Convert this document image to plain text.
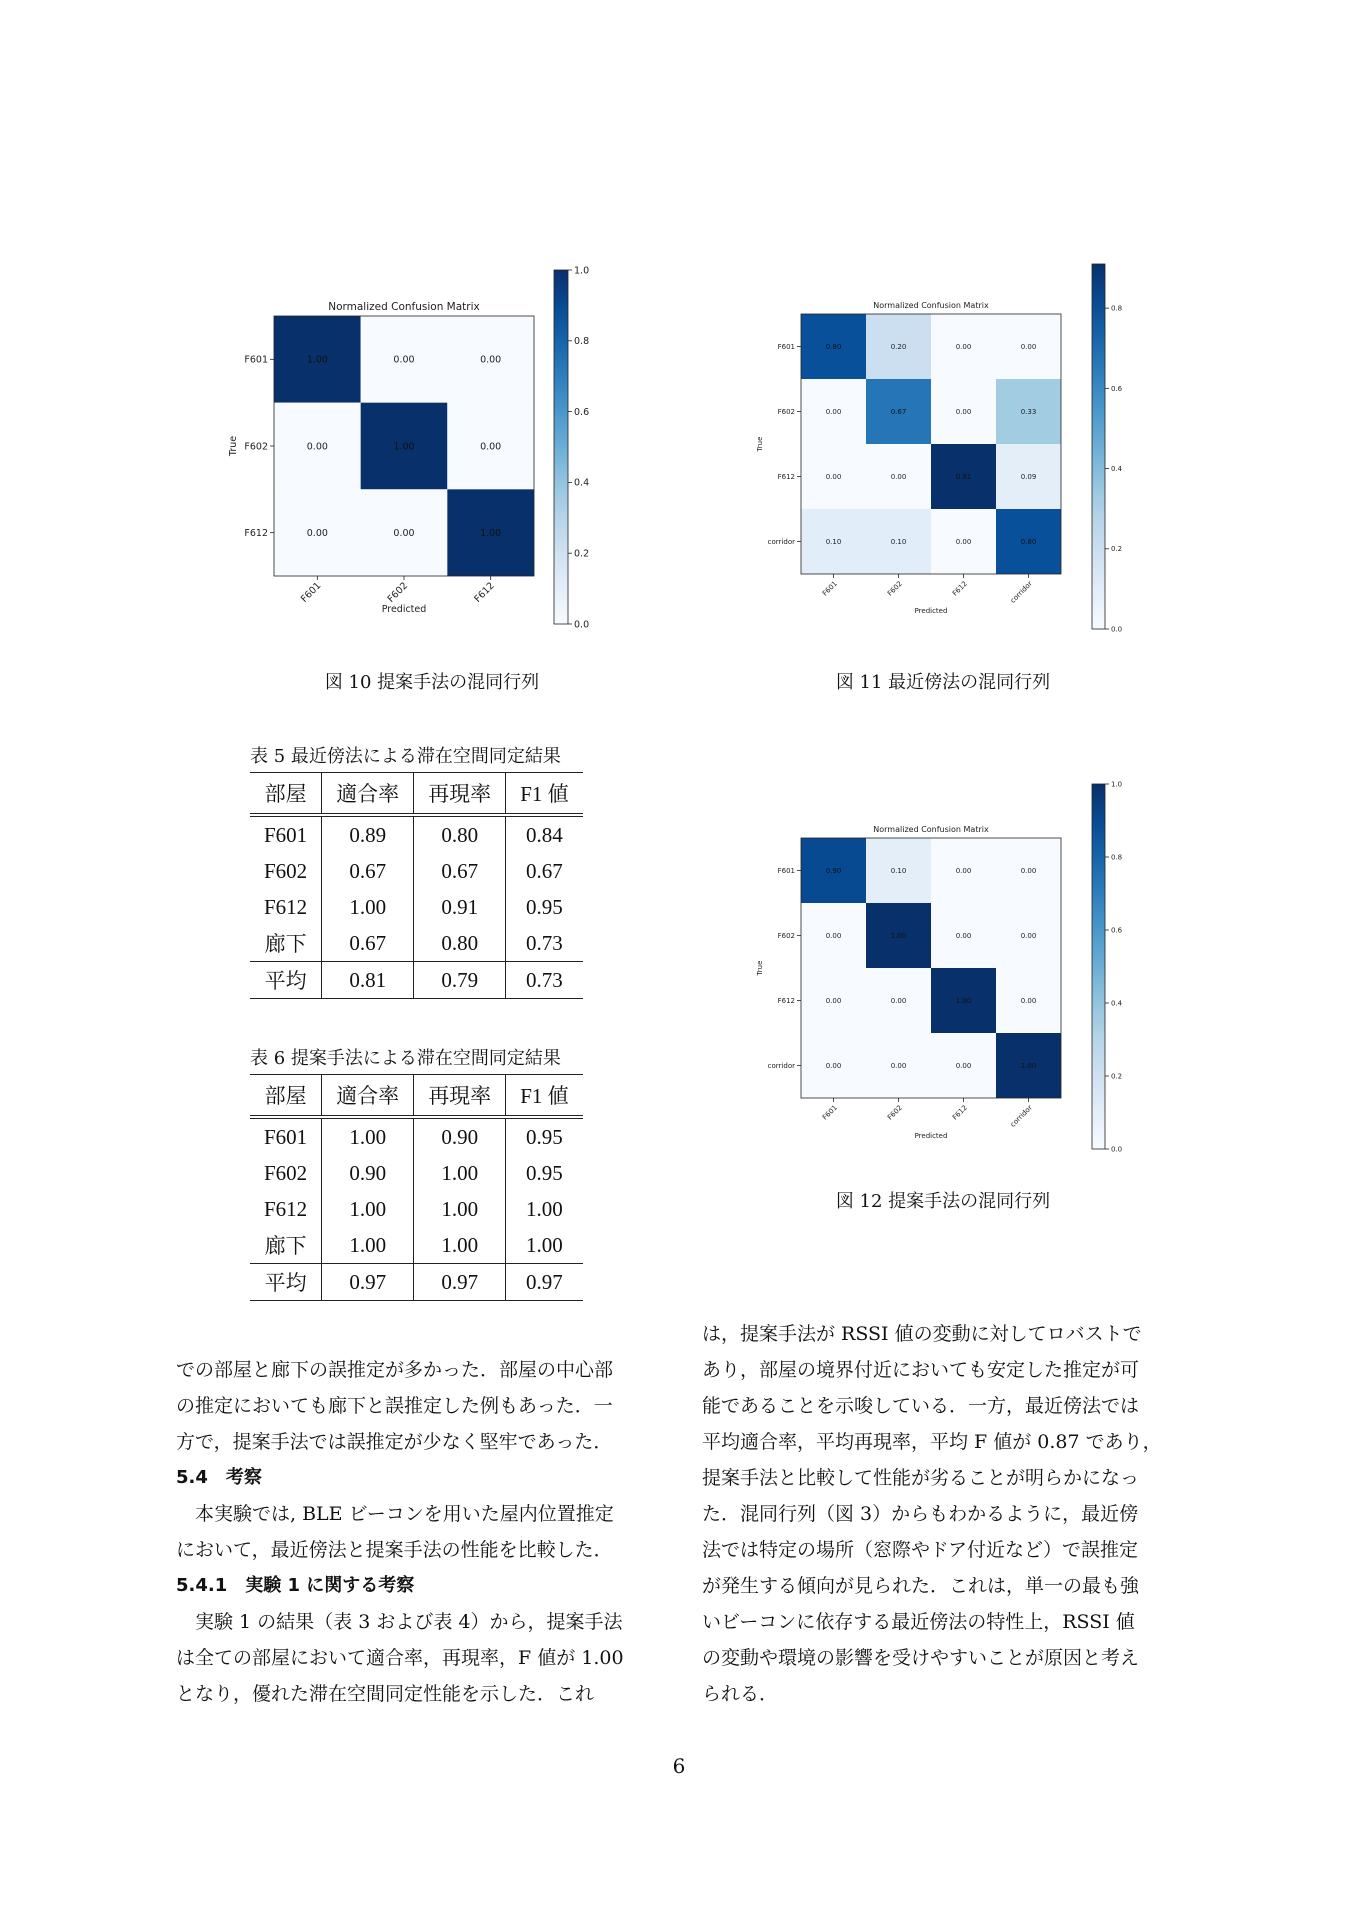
Normalized Confusion Matrix
1.00	0.00	0.00
0.00	1.00	0.00
0.00	0.00	1.00
F601
F602
F612
F601	F602	F612
Predicted
True
0.0
0.2
0.4
0.6
0.8
1.0
図 10 提案手法の混同行列
Normalized Confusion Matrix
0.80	0.20	0.00	0.00
0.00	0.67	0.00	0.33
0.00	0.00	0.91	0.09
0.10	0.10	0.00	0.80
F601
F602
F612
corridor
F601	F602	F612	corridor
Predicted
True
0.0
0.2
0.4
0.6
0.8
図 11 最近傍法の混同行列
表 5 最近傍法による滞在空間同定結果
部屋	適合率	再現率	F1 値
F601	0.89	0.80	0.84
F602	0.67	0.67	0.67
F612	1.00	0.91	0.95
廊下	0.67	0.80	0.73
平均	0.81	0.79	0.73
表 6 提案手法による滞在空間同定結果
部屋	適合率	再現率	F1 値
F601	1.00	0.90	0.95
F602	0.90	1.00	0.95
F612	1.00	1.00	1.00
廊下	1.00	1.00	1.00
平均	0.97	0.97	0.97
Normalized Confusion Matrix
0.90	0.10	0.00	0.00
0.00	1.00	0.00	0.00
0.00	0.00	1.00	0.00
0.00	0.00	0.00	1.00
F601
F602
F612
corridor
F601	F602	F612	corridor
Predicted
True
0.0
0.2
0.4
0.6
0.8
1.0
図 12 提案手法の混同行列

での部屋と廊下の誤推定が多かった．部屋の中心部

の推定においても廊下と誤推定した例もあった．一

方で，提案手法では誤推定が少なく堅牢であった．

5.4　考察

本実験では, BLE ビーコンを用いた屋内位置推定

において，最近傍法と提案手法の性能を比較した．

5.4.1　実験 1 に関する考察

実験 1 の結果（表 3 および表 4）から，提案手法

は全ての部屋において適合率，再現率，F 値が 1.00

となり，優れた滞在空間同定性能を示した．これ

は，提案手法が RSSI 値の変動に対してロバストで

あり，部屋の境界付近においても安定した推定が可

能であることを示唆している．一方，最近傍法では

平均適合率，平均再現率，平均 F 値が 0.87 であり，

提案手法と比較して性能が劣ることが明らかになっ

た．混同行列（図 3）からもわかるように，最近傍

法では特定の場所（窓際やドア付近など）で誤推定

が発生する傾向が見られた．これは，単一の最も強

いビーコンに依存する最近傍法の特性上，RSSI 値

の変動や環境の影響を受けやすいことが原因と考え

られる．

6
